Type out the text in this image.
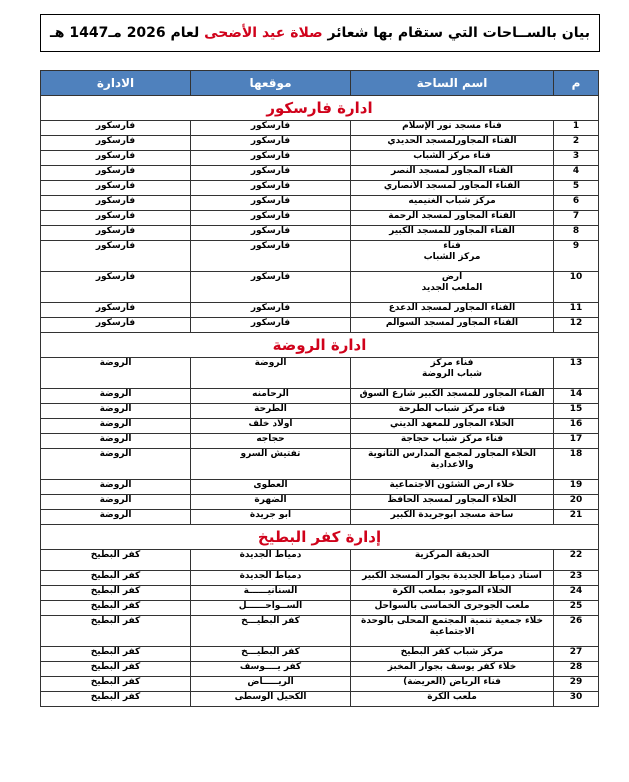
بيان بالســاحات التي ستقام بها شعائر

صلاة عيد الأضحى

لعام 2026 مـ1447 هـ
م	اسم الساحة	موقعها	الادارة
ادارة فارسكور			
1	فناء مسجد نور الإسلام	فارسكور	فارسكور
2	الفناء المجاورلمسجد الحديدي	فارسكور	فارسكور
3	فناء مركز الشباب	فارسكور	فارسكور
4	الفناء المجاور لمسجد النصر	فارسكور	فارسكور
5	الفناء المجاور لمسجد الأنصاري	فارسكور	فارسكور
6	مركز شباب الغنيميه	فارسكور	فارسكور
7	الفناء المجاور لمسجد الرحمة	فارسكور	فارسكور
8	الفناء المجاور للمسجد الكبير	فارسكور	فارسكور
9	فناء
مركز الشباب	فارسكور	فارسكور
10	أرض
الملعب الجديد	فارسكور	فارسكور
11	الفناء المجاور لمسجد الدعدع	فارسكور	فارسكور
12	الفناء المجاور لمسجد السوالم	فارسكور	فارسكور
ادارة الروضة			
13	فناء مركز
شباب الروضة	الروضة	الروضة
14	الفناء المجاور للمسجد الكبير شارع السوق	الرحامنه	الروضة
15	فناء مركز شباب الطرحة	الطرحة	الروضة
16	الخلاء المجاور للمعهد الديني	أولاد خلف	الروضة
17	فناء مركز شباب حجاجة	حجاجه	الروضة
18	الخلاء المجاور لمجمع المدارس الثانوية
والاعدادية	تفتيش السرو	الروضة
19	خلاء أرض الشئون الاجتماعية	العطوى	الروضة
20	الخلاء المجاور لمسجد الحافظ	الضهرة	الروضة
21	ساحة مسجد أبوجريدة الكبير	أبو جريدة	الروضة
إدارة كفر البطيخ			
22	الحديقة المركزية	دمياط الجديدة	كفر البطيخ
23	استاد دمياط الجديدة بجوار المسجد الكبير	دمياط الجديدة	كفر البطيخ
24	الخلاء الموجود بملعب الكرة	السنانيــــــة	كفر البطيخ
25	ملعب الجوجرى الخماسى بالسواحل	الســواحــــــل	كفر البطيخ
26	خلاء جمعية تنمية المجتمع المحلى بالوحدة
الاجتماعية	كفر البطيـــخ	كفر البطيخ
27	مركز شباب كفر البطيخ	كفر البطيـــخ	كفر البطيخ
28	خلاء كفر يوسف بجوار المخبز	كفر يــــوسف	كفر البطيخ
29	فناء الرياض (العريضة)	الريـــــاض	كفر البطيخ
30	ملعب الكرة	الكحيل الوسطى	كفر البطيخ
